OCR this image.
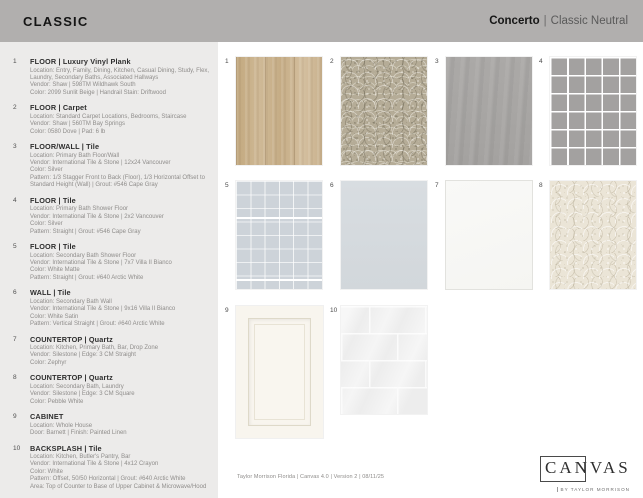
CLASSIC	Concerto | Classic Neutral
1	FLOOR | Luxury Vinyl Plank
Location: Entry, Family, Dining, Kitchen, Casual Dining, Study, Flex, Laundry, Secondary Baths, Associated Hallways
Vendor: Shaw | 598TM Wildhawk South
Color: 2099 Sunlit Beige | Handrail Stain: Driftwood
2	FLOOR | Carpet
Location: Standard Carpet Locations, Bedrooms, Staircase
Vendor: Shaw | 560TM Bay Springs
Color: 0580 Dove | Pad: 6 lb
3	FLOOR/WALL | Tile
Location: Primary Bath Floor/Wall
Vendor: International Tile & Stone | 12x24 Vancouver
Color: Silver
Pattern: 1/3 Stagger Front to Back (Floor), 1/3 Horizontal Offset to Standard Height (Wall) | Grout: #546 Cape Gray
4	FLOOR | Tile
Location: Primary Bath Shower Floor
Vendor: International Tile & Stone | 2x2 Vancouver
Color: Silver
Pattern: Straight | Grout: #546 Cape Gray
5	FLOOR | Tile
Location: Secondary Bath Shower Floor
Vendor: International Tile & Stone | 7x7 Villa II Bianco
Color: White Matte
Pattern: Straight | Grout: #640 Arctic White
6	WALL | Tile
Location: Secondary Bath Wall
Vendor: International Tile & Stone | 9x16 Villa II Bianco
Color: White Satin
Pattern: Vertical Straight | Grout: #640 Arctic White
7	COUNTERTOP | Quartz
Location: Kitchen, Primary Bath, Bar, Drop Zone
Vendor: Silestone | Edge: 3 CM Straight
Color: Zephyr
8	COUNTERTOP | Quartz
Location: Secondary Bath, Laundry
Vendor: Silestone | Edge: 3 CM Square
Color: Pebble White
9	CABINET
Location: Whole House
Door: Barnett | Finish: Painted Linen
10	BACKSPLASH | Tile
Location: Kitchen, Butler's Pantry, Bar
Vendor: International Tile & Stone | 4x12 Crayon
Color: White
Pattern: Offset, 50/50 Horizontal | Grout: #640 Arctic White
Area: Top of Counter to Base of Upper Cabinet & Microwave/Hood
1	2	3	4
5	6	7	8
9	10
Taylor Morrison Florida | Canvas 4.0 | Version 2 | 08/11/25	CANVAS BY TAYLOR MORRISON
